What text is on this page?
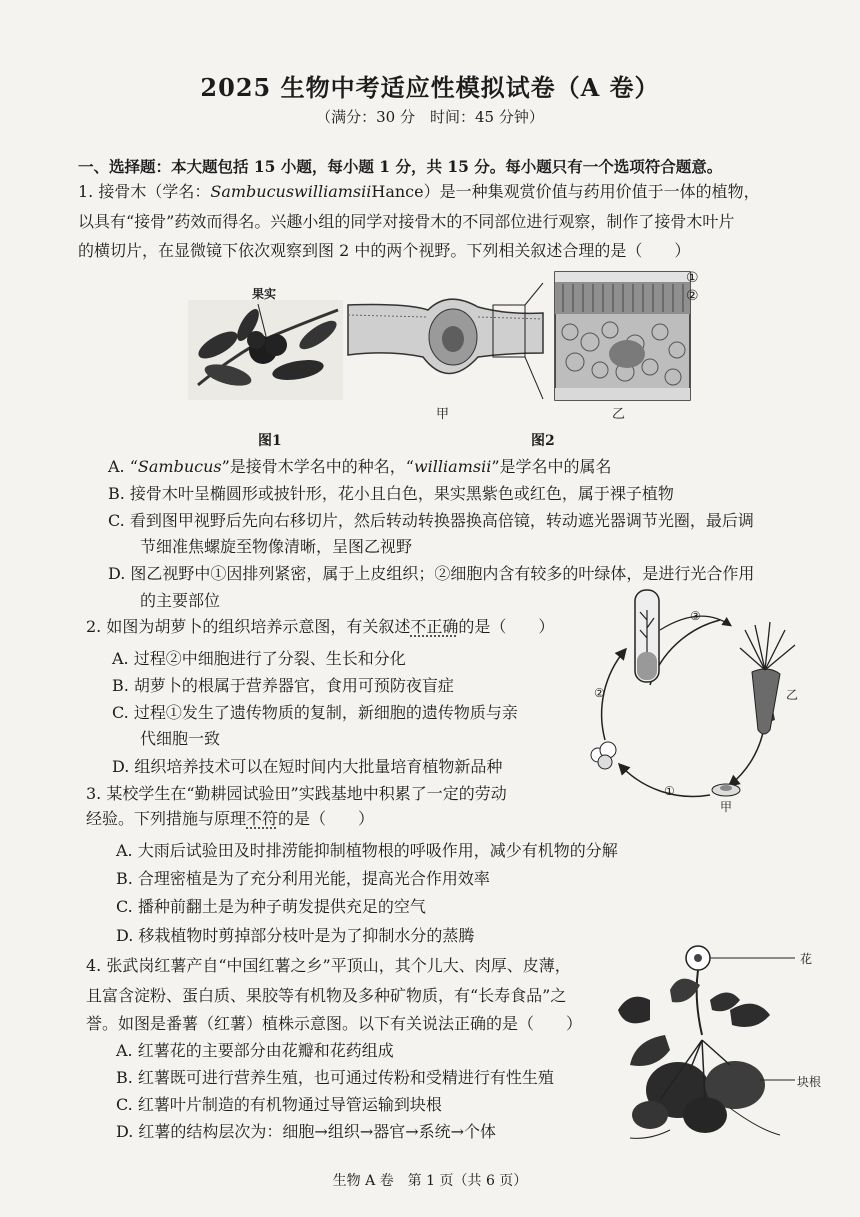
2025 生物中考适应性模拟试卷（A 卷）
（满分：30 分　时间：45 分钟）
一、选择题：本大题包括 15 小题，每小题 1 分，共 15 分。每小题只有一个选项符合题意。
1. 接骨木（学名：SambucuswilliamsiiHance）是一种集观赏价值与药用价值于一体的植物，
以具有“接骨”药效而得名。兴趣小组的同学对接骨木的不同部位进行观察，制作了接骨木叶片
的横切片，在显微镜下依次观察到图 2 中的两个视野。下列相关叙述合理的是（　　）
果实
甲
①
②
乙
图1	图2
A. “Sambucus”是接骨木学名中的种名，“williamsii”是学名中的属名
B. 接骨木叶呈椭圆形或披针形，花小且白色，果实黑紫色或红色，属于裸子植物
C. 看到图甲视野后先向右移切片，然后转动转换器换高倍镜，转动遮光器调节光圈，最后调
节细准焦螺旋至物像清晰，呈图乙视野
D. 图乙视野中①因排列紧密，属于上皮组织；②细胞内含有较多的叶绿体，是进行光合作用
的主要部位
2. 如图为胡萝卜的组织培养示意图，有关叙述不正确的是（　　）
A. 过程②中细胞进行了分裂、生长和分化
B. 胡萝卜的根属于营养器官，食用可预防夜盲症
C. 过程①发生了遗传物质的复制，新细胞的遗传物质与亲
代细胞一致
D. 组织培养技术可以在短时间内大批量培育植物新品种
③
②
①
乙
甲
3. 某校学生在“勤耕园试验田”实践基地中积累了一定的劳动
经验。下列措施与原理不符的是（　　）
A. 大雨后试验田及时排涝能抑制植物根的呼吸作用，减少有机物的分解
B. 合理密植是为了充分利用光能，提高光合作用效率
C. 播种前翻土是为种子萌发提供充足的空气
D. 移栽植物时剪掉部分枝叶是为了抑制水分的蒸腾
4. 张武岗红薯产自“中国红薯之乡”平顶山，其个儿大、肉厚、皮薄，
且富含淀粉、蛋白质、果胶等有机物及多种矿物质，有“长寿食品”之
誉。如图是番薯（红薯）植株示意图。以下有关说法正确的是（　　）
A. 红薯花的主要部分由花瓣和花药组成
B. 红薯既可进行营养生殖，也可通过传粉和受精进行有性生殖
C. 红薯叶片制造的有机物通过导管运输到块根
D. 红薯的结构层次为：细胞→组织→器官→系统→个体
花
块根
生物 A 卷　第 1 页（共 6 页）
